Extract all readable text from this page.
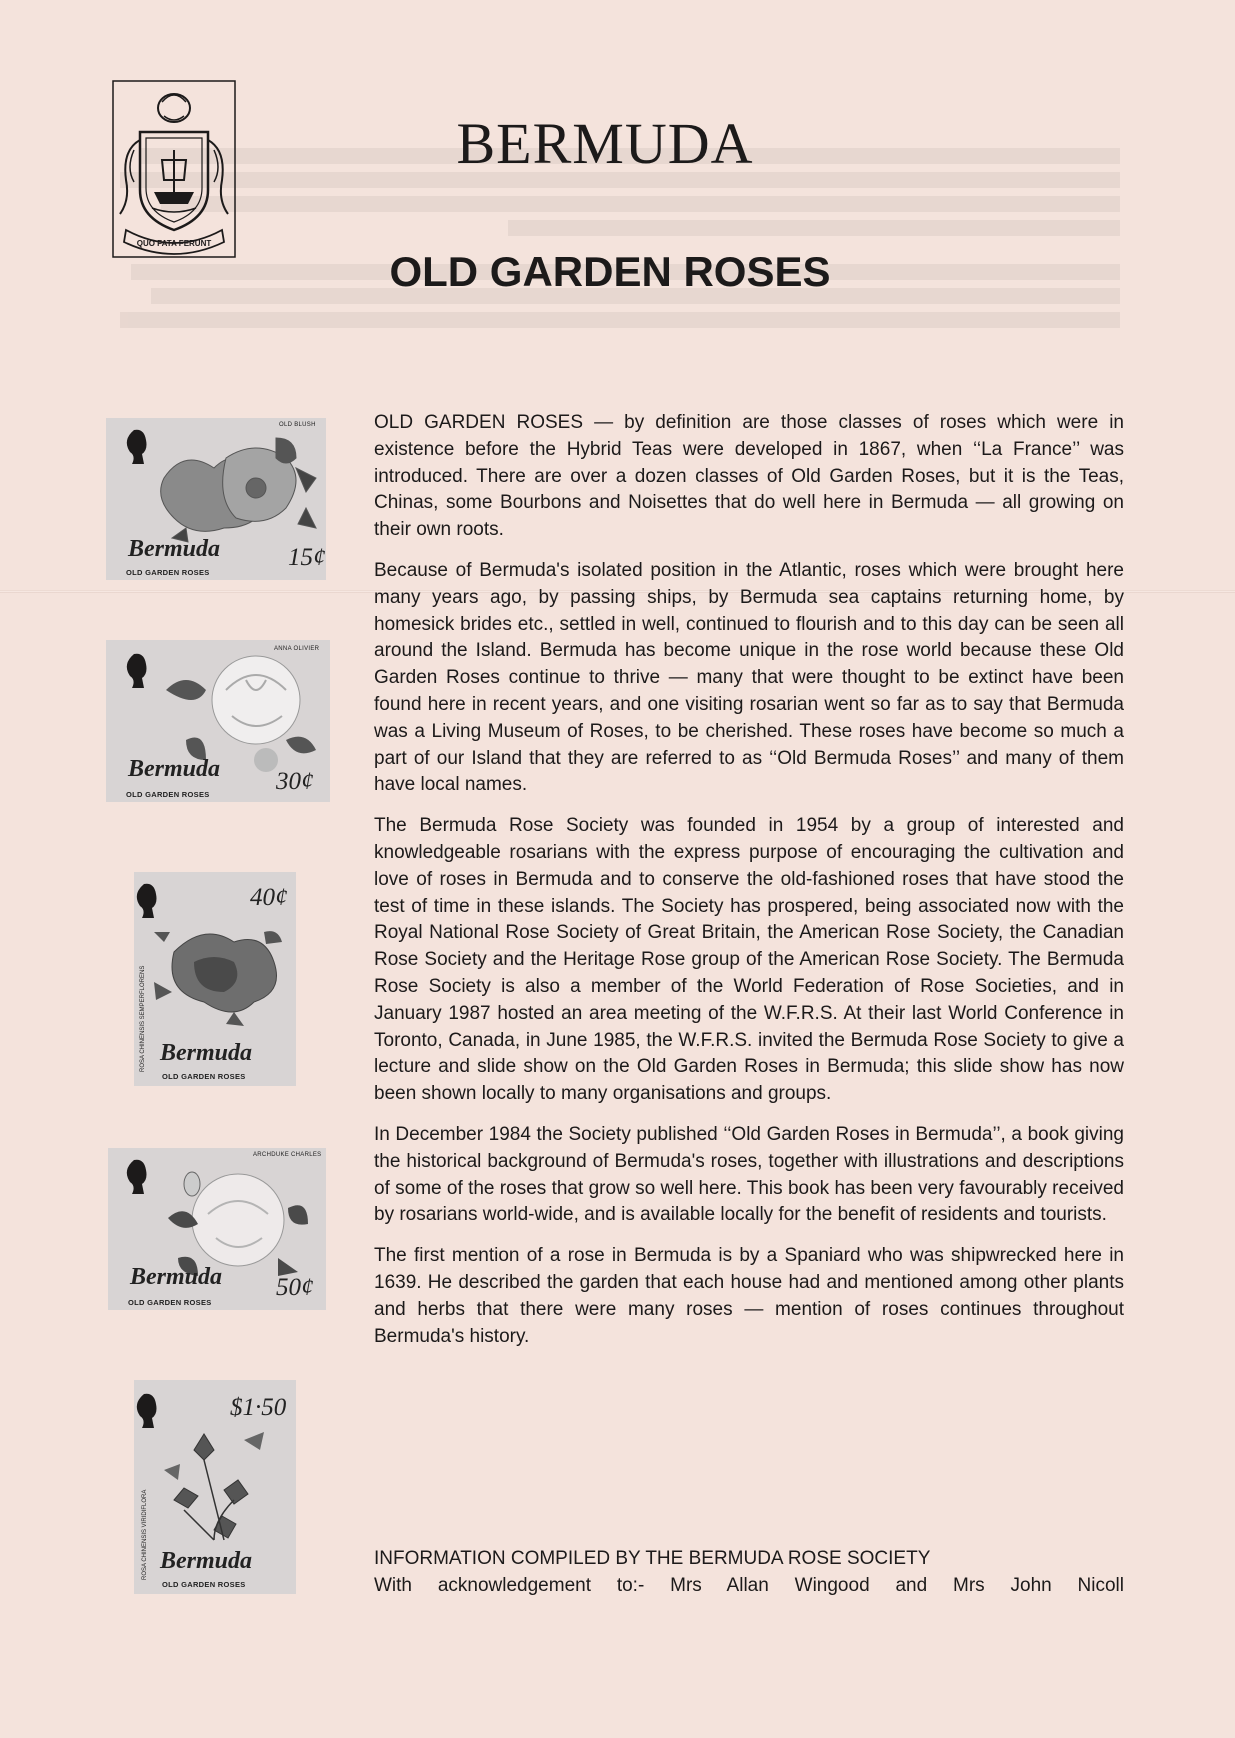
QUO FATA FERUNT
BERMUDA
OLD GARDEN ROSES
OLD BLUSH
Bermuda
OLD GARDEN ROSES
15¢
ANNA OLIVIER
Bermuda
OLD GARDEN ROSES	30¢
40¢
ROSA CHINENSIS SEMPERFLORENS Bermuda
OLD GARDEN ROSES
ARCHDUKE CHARLES
Bermuda
OLD GARDEN ROSES
50¢
$1·50
ROSA CHINENSIS VIRIDIFLORA Bermuda
OLD GARDEN ROSES

OLD GARDEN ROSES — by definition are those classes of roses which were in existence before the Hybrid Teas were developed in 1867, when ‘‘La France’’ was introduced. There are over a dozen classes of Old Garden Roses, but it is the Teas, Chinas, some Bourbons and Noisettes that do well here in Bermuda — all growing on their own roots.

Because of Bermuda's isolated position in the Atlantic, roses which were brought here many years ago, by passing ships, by Bermuda sea captains returning home, by homesick brides etc., settled in well, continued to flourish and to this day can be seen all around the Island. Bermuda has become unique in the rose world because these Old Garden Roses continue to thrive — many that were thought to be extinct have been found here in recent years, and one visiting rosarian went so far as to say that Bermuda was a Living Museum of Roses, to be cherished. These roses have become so much a part of our Island that they are referred to as ‘‘Old Bermuda Roses’’ and many of them have local names.

The Bermuda Rose Society was founded in 1954 by a group of interested and knowledgeable rosarians with the express purpose of encouraging the cultivation and love of roses in Bermuda and to conserve the old-fashioned roses that have stood the test of time in these islands. The Society has prospered, being associated now with the Royal National Rose Society of Great Britain, the American Rose Society, the Canadian Rose Society and the Heritage Rose group of the American Rose Society. The Bermuda Rose Society is also a member of the World Federation of Rose Societies, and in January 1987 hosted an area meeting of the W.F.R.S. At their last World Conference in Toronto, Canada, in June 1985, the W.F.R.S. invited the Bermuda Rose Society to give a lecture and slide show on the Old Garden Roses in Bermuda; this slide show has now been shown locally to many organisations and groups.

In December 1984 the Society published ‘‘Old Garden Roses in Bermuda’’, a book giving the historical background of Bermuda's roses, together with illustrations and descriptions of some of the roses that grow so well here. This book has been very favourably received by rosarians world-wide, and is available locally for the benefit of residents and tourists.

The first mention of a rose in Bermuda is by a Spaniard who was shipwrecked here in 1639. He described the garden that each house had and mentioned among other plants and herbs that there were many roses — mention of roses continues throughout Bermuda's history.

INFORMATION COMPILED BY THE BERMUDA ROSE SOCIETY
With acknowledgement to:- Mrs Allan Wingood and Mrs John Nicoll
